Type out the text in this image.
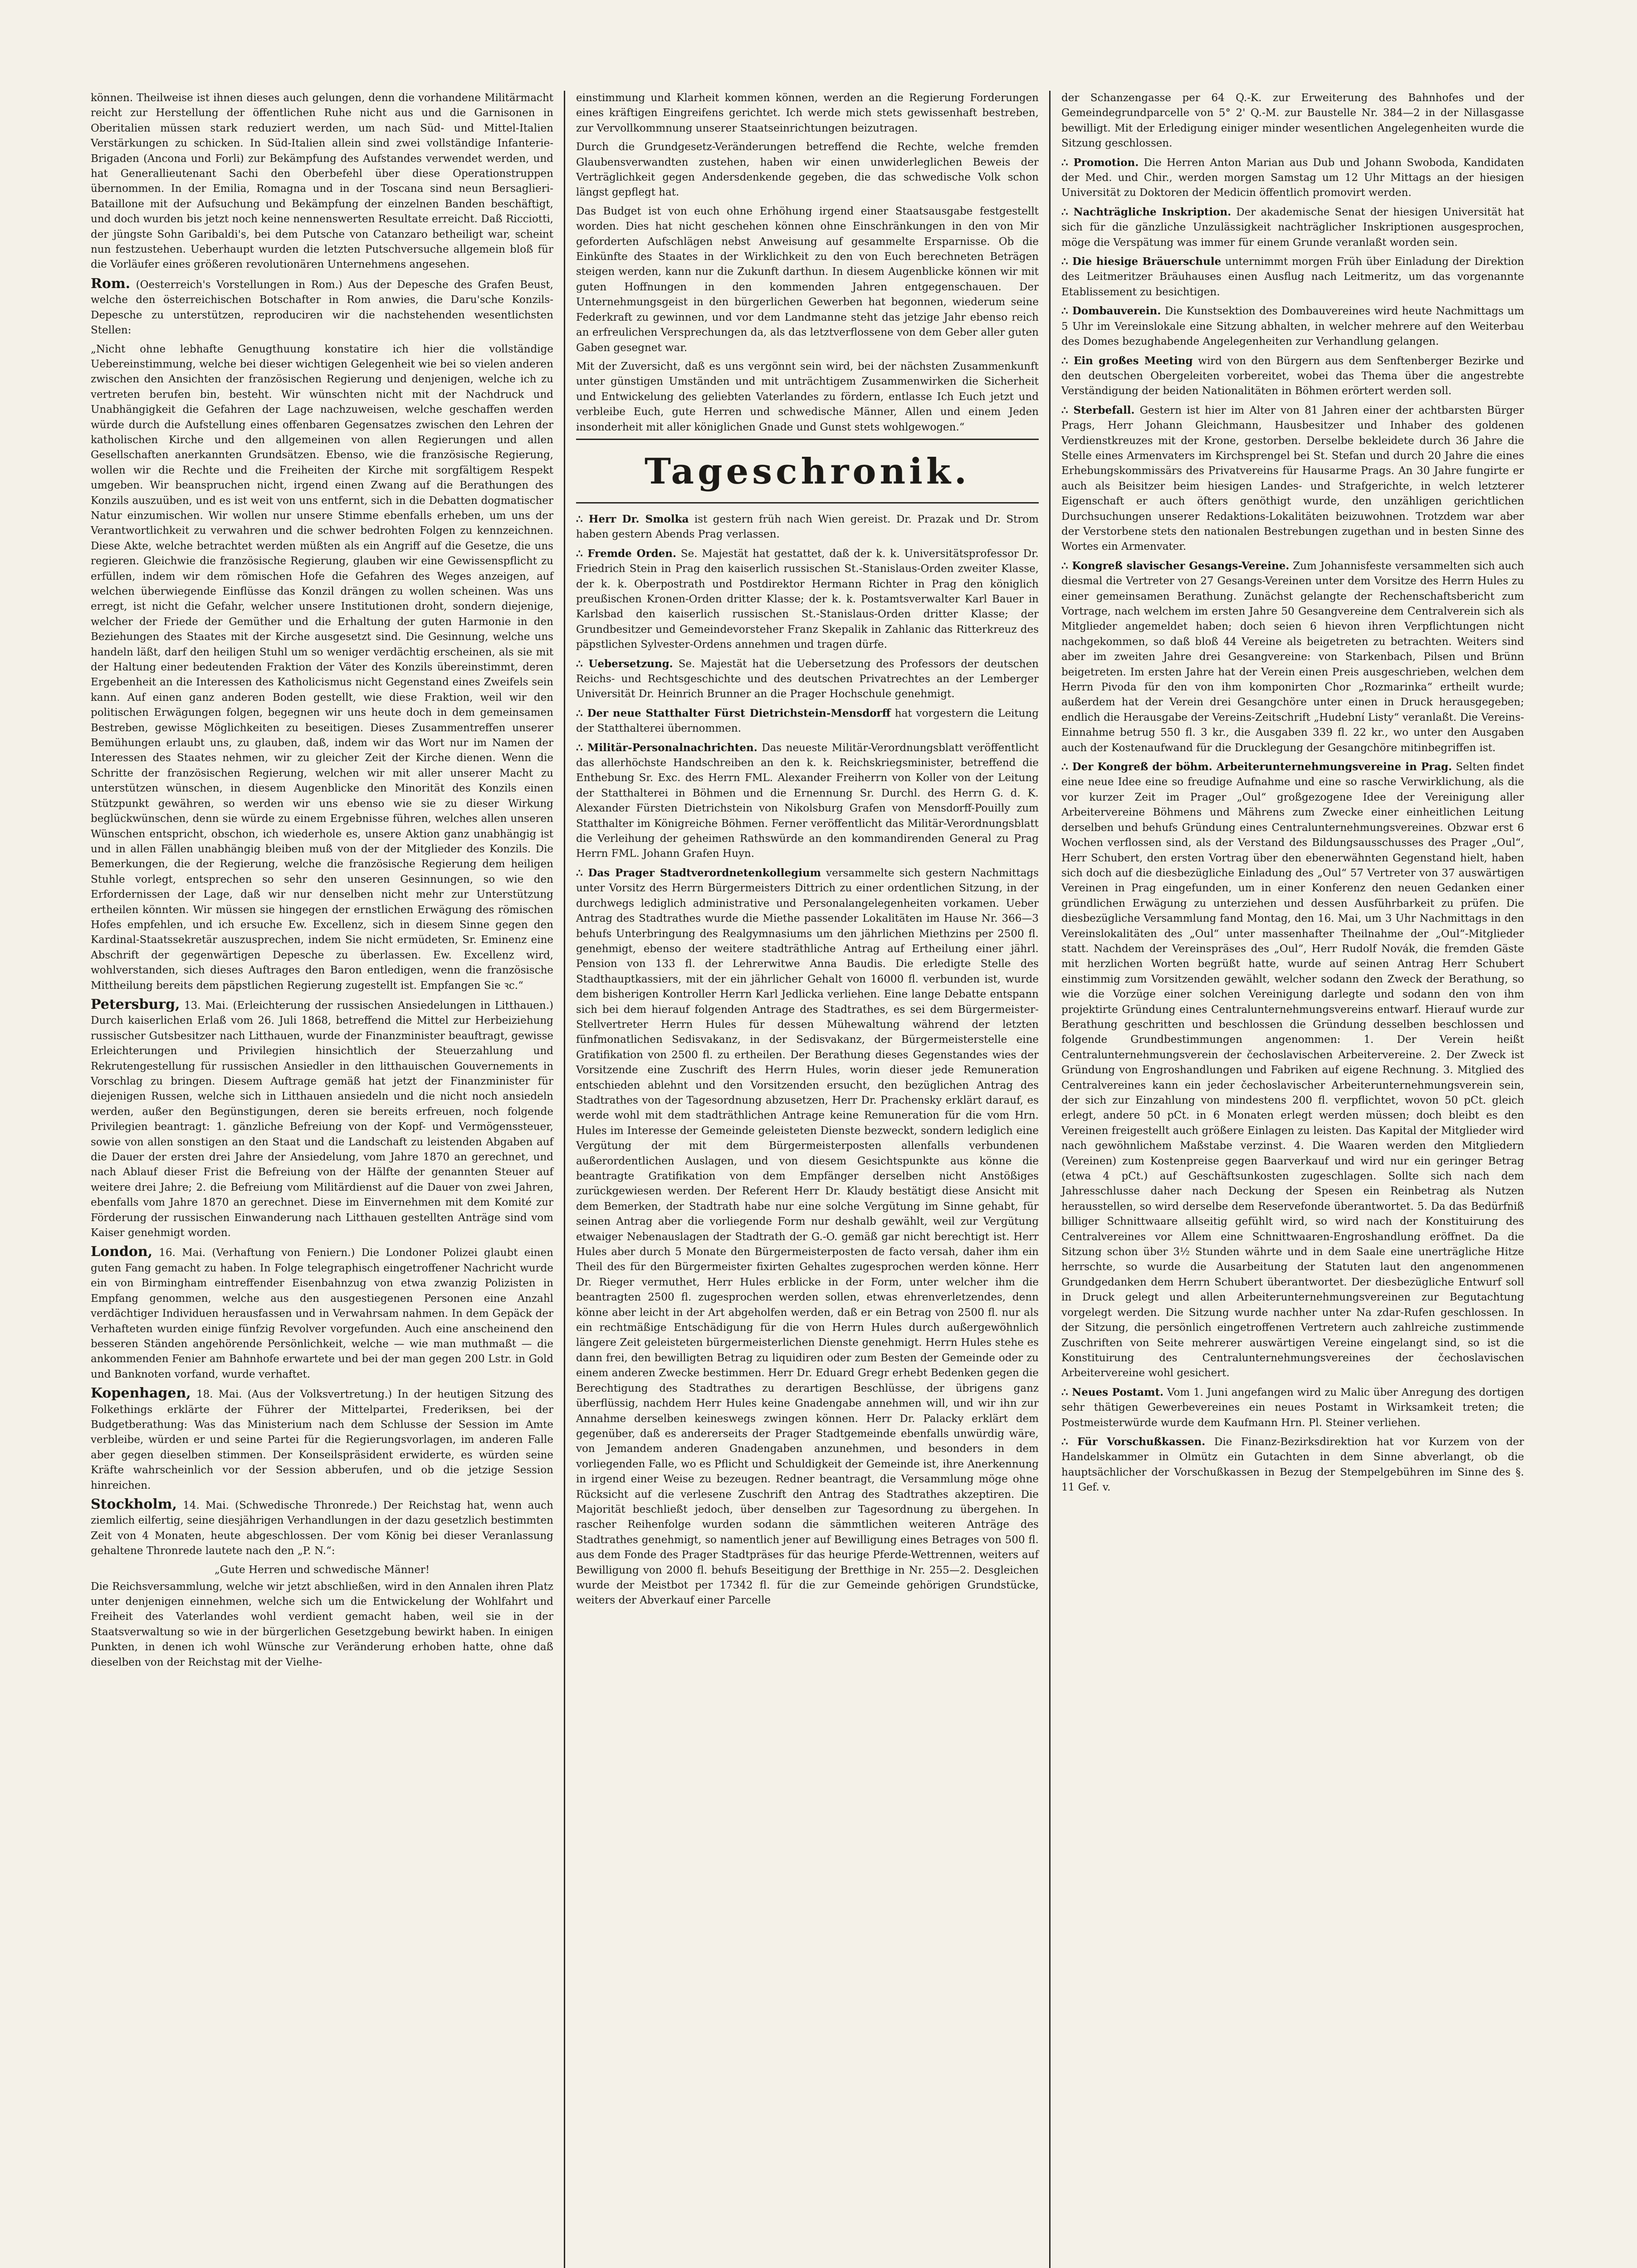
können. Theilweise ist ihnen dieses auch gelungen, denn die vorhandene Militärmacht reicht zur Herstellung der öffentlichen Ruhe nicht aus und die Garnisonen in Oberitalien müssen stark reduziert werden, um nach Süd- und Mittel-Italien Verstärkungen zu schicken. In Süd-Italien allein sind zwei vollständige Infanterie-Brigaden (Ancona und Forli) zur Bekämpfung des Aufstandes verwendet werden, und hat Generallieutenant Sachi den Oberbefehl über diese Operationstruppen übernommen. In der Emilia, Romagna und in der Toscana sind neun Bersaglieri-Bataillone mit der Aufsuchung und Bekämpfung der einzelnen Banden beschäftigt, und doch wurden bis jetzt noch keine nennenswerten Resultate erreicht. Daß Ricciotti, der jüngste Sohn Garibaldi's, bei dem Putsche von Catanzaro betheiligt war, scheint nun festzustehen. Ueberhaupt wurden die letzten Putschversuche allgemein bloß für die Vorläufer eines größeren revolutionären Unternehmens angesehen.

Rom. (Oesterreich's Vorstellungen in Rom.) Aus der Depesche des Grafen Beust, welche den österreichischen Botschafter in Rom anwies, die Daru'sche Konzils-Depesche zu unterstützen, reproduciren wir die nachstehenden wesentlichsten Stellen:

„Nicht ohne lebhafte Genugthuung konstatire ich hier die vollständige Uebereinstimmung, welche bei dieser wichtigen Gelegenheit wie bei so vielen anderen zwischen den Ansichten der französischen Regierung und denjenigen, welche ich zu vertreten berufen bin, besteht. Wir wünschten nicht mit der Nachdruck und Unabhängigkeit die Gefahren der Lage nachzuweisen, welche geschaffen werden würde durch die Aufstellung eines offenbaren Gegensatzes zwischen den Lehren der katholischen Kirche und den allgemeinen von allen Regierungen und allen Gesellschaften anerkannten Grundsätzen. Ebenso, wie die französische Regierung, wollen wir die Rechte und die Freiheiten der Kirche mit sorgfältigem Respekt umgeben. Wir beanspruchen nicht, irgend einen Zwang auf die Berathungen des Konzils auszuüben, und es ist weit von uns entfernt, sich in die Debatten dogmatischer Natur einzumischen. Wir wollen nur unsere Stimme ebenfalls erheben, um uns der Verantwortlichkeit zu verwahren und die schwer bedrohten Folgen zu kennzeichnen. Diese Akte, welche betrachtet werden müßten als ein Angriff auf die Gesetze, die uns regieren. Gleichwie die französische Regierung, glauben wir eine Gewissenspflicht zu erfüllen, indem wir dem römischen Hofe die Gefahren des Weges anzeigen, auf welchen überwiegende Einflüsse das Konzil drängen zu wollen scheinen. Was uns erregt, ist nicht die Gefahr, welcher unsere Institutionen droht, sondern diejenige, welcher der Friede der Gemüther und die Erhaltung der guten Harmonie in den Beziehungen des Staates mit der Kirche ausgesetzt sind. Die Gesinnung, welche uns handeln läßt, darf den heiligen Stuhl um so weniger verdächtig erscheinen, als sie mit der Haltung einer bedeutenden Fraktion der Väter des Konzils übereinstimmt, deren Ergebenheit an die Interessen des Katholicismus nicht Gegenstand eines Zweifels sein kann. Auf einen ganz anderen Boden gestellt, wie diese Fraktion, weil wir den politischen Erwägungen folgen, begegnen wir uns heute doch in dem gemeinsamen Bestreben, gewisse Möglichkeiten zu beseitigen. Dieses Zusammentreffen unserer Bemühungen erlaubt uns, zu glauben, daß, indem wir das Wort nur im Namen der Interessen des Staates nehmen, wir zu gleicher Zeit der Kirche dienen. Wenn die Schritte der französischen Regierung, welchen wir mit aller unserer Macht zu unterstützen wünschen, in diesem Augenblicke den Minorität des Konzils einen Stützpunkt gewähren, so werden wir uns ebenso wie sie zu dieser Wirkung beglückwünschen, denn sie würde zu einem Ergebnisse führen, welches allen unseren Wünschen entspricht, obschon, ich wiederhole es, unsere Aktion ganz unabhängig ist und in allen Fällen unabhängig bleiben muß von der der Mitglieder des Konzils. Die Bemerkungen, die der Regierung, welche die französische Regierung dem heiligen Stuhle vorlegt, entsprechen so sehr den unseren Gesinnungen, so wie den Erfordernissen der Lage, daß wir nur denselben nicht mehr zur Unterstützung ertheilen könnten. Wir müssen sie hingegen der ernstlichen Erwägung des römischen Hofes empfehlen, und ich ersuche Ew. Excellenz, sich in diesem Sinne gegen den Kardinal-Staatssekretär auszusprechen, indem Sie nicht ermüdeten, Sr. Eminenz eine Abschrift der gegenwärtigen Depesche zu überlassen. Ew. Excellenz wird, wohlverstanden, sich dieses Auftrages den Baron entledigen, wenn die französische Mittheilung bereits dem päpstlichen Regierung zugestellt ist. Empfangen Sie ꝛc.“

Petersburg, 13. Mai. (Erleichterung der russischen Ansiedelungen in Litthauen.) Durch kaiserlichen Erlaß vom 26. Juli 1868, betreffend die Mittel zur Herbeiziehung russischer Gutsbesitzer nach Litthauen, wurde der Finanzminister beauftragt, gewisse Erleichterungen und Privilegien hinsichtlich der Steuerzahlung und Rekrutengestellung für russischen Ansiedler in den litthauischen Gouvernements in Vorschlag zu bringen. Diesem Auftrage gemäß hat jetzt der Finanzminister für diejenigen Russen, welche sich in Litthauen ansiedeln und die nicht noch ansiedeln werden, außer den Begünstigungen, deren sie bereits erfreuen, noch folgende Privilegien beantragt: 1. gänzliche Befreiung von der Kopf- und Vermögenssteuer, sowie von allen sonstigen an den Staat und die Landschaft zu leistenden Abgaben auf die Dauer der ersten drei Jahre der Ansiedelung, vom Jahre 1870 an gerechnet, und nach Ablauf dieser Frist die Befreiung von der Hälfte der genannten Steuer auf weitere drei Jahre; 2. die Befreiung vom Militärdienst auf die Dauer von zwei Jahren, ebenfalls vom Jahre 1870 an gerechnet. Diese im Einvernehmen mit dem Komité zur Förderung der russischen Einwanderung nach Litthauen gestellten Anträge sind vom Kaiser genehmigt worden.

London, 16. Mai. (Verhaftung von Feniern.) Die Londoner Polizei glaubt einen guten Fang gemacht zu haben. In Folge telegraphisch eingetroffener Nachricht wurde ein von Birmingham eintreffender Eisenbahnzug von etwa zwanzig Polizisten in Empfang genommen, welche aus den ausgestiegenen Personen eine Anzahl verdächtiger Individuen herausfassen und in Verwahrsam nahmen. In dem Gepäck der Verhafteten wurden einige fünfzig Revolver vorgefunden. Auch eine anscheinend den besseren Ständen angehörende Persönlichkeit, welche — wie man muthmaßt — die ankommenden Fenier am Bahnhofe erwartete und bei der man gegen 200 Lstr. in Gold und Banknoten vorfand, wurde verhaftet.

Kopenhagen, 18. Mai. (Aus der Volksvertretung.) In der heutigen Sitzung des Folkethings erklärte der Führer der Mittelpartei, Frederiksen, bei der Budgetberathung: Was das Ministerium nach dem Schlusse der Session im Amte verbleibe, würden er und seine Partei für die Regierungsvorlagen, im anderen Falle aber gegen dieselben stimmen. Der Konseilspräsident erwiderte, es würden seine Kräfte wahrscheinlich vor der Session abberufen, und ob die jetzige Session hinreichen.

Stockholm, 14. Mai. (Schwedische Thronrede.) Der Reichstag hat, wenn auch ziemlich eilfertig, seine diesjährigen Verhandlungen in der dazu gesetzlich bestimmten Zeit von 4 Monaten, heute abgeschlossen. Der vom König bei dieser Veranlassung gehaltene Thronrede lautete nach den „P. N.“:

„Gute Herren und schwedische Männer!

Die Reichsversammlung, welche wir jetzt abschließen, wird in den Annalen ihren Platz unter denjenigen einnehmen, welche sich um die Entwickelung der Wohlfahrt und Freiheit des Vaterlandes wohl verdient gemacht haben, weil sie in der Staatsverwaltung so wie in der bürgerlichen Gesetzgebung bewirkt haben. In einigen Punkten, in denen ich wohl Wünsche zur Veränderung erhoben hatte, ohne daß dieselben von der Reichstag mit der Vielhe-

einstimmung und Klarheit kommen können, werden an die Regierung Forderungen eines kräftigen Eingreifens gerichtet. Ich werde mich stets gewissenhaft bestreben, zur Vervollkommnung unserer Staatseinrichtungen beizutragen.

Durch die Grundgesetz-Veränderungen betreffend die Rechte, welche fremden Glaubensverwandten zustehen, haben wir einen unwiderleglichen Beweis der Verträglichkeit gegen Andersdenkende gegeben, die das schwedische Volk schon längst gepflegt hat.

Das Budget ist von euch ohne Erhöhung irgend einer Staatsausgabe festgestellt worden. Dies hat nicht geschehen können ohne Einschränkungen in den von Mir geforderten Aufschlägen nebst Anweisung auf gesammelte Ersparnisse. Ob die Einkünfte des Staates in der Wirklichkeit zu den von Euch berechneten Beträgen steigen werden, kann nur die Zukunft darthun. In diesem Augenblicke können wir mit guten Hoffnungen in den kommenden Jahren entgegenschauen. Der Unternehmungsgeist in den bürgerlichen Gewerben hat begonnen, wiederum seine Federkraft zu gewinnen, und vor dem Landmanne steht das jetzige Jahr ebenso reich an erfreulichen Versprechungen da, als das letztverflossene von dem Geber aller guten Gaben gesegnet war.

Mit der Zuversicht, daß es uns vergönnt sein wird, bei der nächsten Zusammenkunft unter günstigen Umständen und mit unträchtigem Zusammenwirken die Sicherheit und Entwickelung des geliebten Vaterlandes zu fördern, entlasse Ich Euch jetzt und verbleibe Euch, gute Herren und schwedische Männer, Allen und einem Jeden insonderheit mit aller königlichen Gnade und Gunst stets wohlgewogen.“

Tageschronik.

∴ Herr Dr. Smolka ist gestern früh nach Wien gereist. Dr. Prazak und Dr. Strom haben gestern Abends Prag verlassen.

∴ Fremde Orden. Se. Majestät hat gestattet, daß der k. k. Universitätsprofessor Dr. Friedrich Stein in Prag den kaiserlich russischen St.-Stanislaus-Orden zweiter Klasse, der k. k. Oberpostrath und Postdirektor Hermann Richter in Prag den königlich preußischen Kronen-Orden dritter Klasse; der k. k. Postamtsverwalter Karl Bauer in Karlsbad den kaiserlich russischen St.-Stanislaus-Orden dritter Klasse; der Grundbesitzer und Gemeindevorsteher Franz Skepalik in Zahlanic das Ritterkreuz des päpstlichen Sylvester-Ordens annehmen und tragen dürfe.

∴ Uebersetzung. Se. Majestät hat die Uebersetzung des Professors der deutschen Reichs- und Rechtsgeschichte und des deutschen Privatrechtes an der Lemberger Universität Dr. Heinrich Brunner an die Prager Hochschule genehmigt.

∴ Der neue Statthalter Fürst Dietrichstein-Mensdorff hat vorgestern die Leitung der Statthalterei übernommen.

∴ Militär-Personalnachrichten. Das neueste Militär-Verordnungsblatt veröffentlicht das allerhöchste Handschreiben an den k. k. Reichskriegsminister, betreffend die Enthebung Sr. Exc. des Herrn FML. Alexander Freiherrn von Koller von der Leitung der Statthalterei in Böhmen und die Ernennung Sr. Durchl. des Herrn G. d. K. Alexander Fürsten Dietrichstein von Nikolsburg Grafen von Mensdorff-Pouilly zum Statthalter im Königreiche Böhmen. Ferner veröffentlicht das Militär-Verordnungsblatt die Verleihung der geheimen Rathswürde an den kommandirenden General zu Prag Herrn FML. Johann Grafen Huyn.

∴ Das Prager Stadtverordnetenkollegium versammelte sich gestern Nachmittags unter Vorsitz des Herrn Bürgermeisters Dittrich zu einer ordentlichen Sitzung, in der durchwegs lediglich administrative und Personalangelegenheiten vorkamen. Ueber Antrag des Stadtrathes wurde die Miethe passender Lokalitäten im Hause Nr. 366—3 behufs Unterbringung des Realgymnasiums um den jährlichen Miethzins per 2500 fl. genehmigt, ebenso der weitere stadträthliche Antrag auf Ertheilung einer jährl. Pension von 133 fl. der Lehrerwitwe Anna Baudis. Die erledigte Stelle des Stadthauptkassiers, mit der ein jährlicher Gehalt von 16000 fl. verbunden ist, wurde dem bisherigen Kontroller Herrn Karl Jedlicka verliehen. Eine lange Debatte entspann sich bei dem hierauf folgenden Antrage des Stadtrathes, es sei dem Bürgermeister-Stellvertreter Herrn Hules für dessen Mühewaltung während der letzten fünfmonatlichen Sedisvakanz, in der Sedisvakanz, der Bürgermeisterstelle eine Gratifikation von 2500 fl. zu ertheilen. Der Berathung dieses Gegenstandes wies der Vorsitzende eine Zuschrift des Herrn Hules, worin dieser jede Remuneration entschieden ablehnt und den Vorsitzenden ersucht, den bezüglichen Antrag des Stadtrathes von der Tagesordnung abzusetzen, Herr Dr. Prachensky erklärt darauf, es werde wohl mit dem stadträthlichen Antrage keine Remuneration für die vom Hrn. Hules im Interesse der Gemeinde geleisteten Dienste bezweckt, sondern lediglich eine Vergütung der mit dem Bürgermeisterposten allenfalls verbundenen außerordentlichen Auslagen, und von diesem Gesichtspunkte aus könne die beantragte Gratifikation von dem Empfänger derselben nicht Anstößiges zurückgewiesen werden. Der Referent Herr Dr. Klaudy bestätigt diese Ansicht mit dem Bemerken, der Stadtrath habe nur eine solche Vergütung im Sinne gehabt, für seinen Antrag aber die vorliegende Form nur deshalb gewählt, weil zur Vergütung etwaiger Nebenauslagen der Stadtrath der G.-O. gemäß gar nicht berechtigt ist. Herr Hules aber durch 5 Monate den Bürgermeisterposten de facto versah, daher ihm ein Theil des für den Bürgermeister fixirten Gehaltes zugesprochen werden könne. Herr Dr. Rieger vermuthet, Herr Hules erblicke in der Form, unter welcher ihm die beantragten 2500 fl. zugesprochen werden sollen, etwas ehrenverletzendes, denn könne aber leicht in der Art abgeholfen werden, daß er ein Betrag von 2500 fl. nur als ein rechtmäßige Entschädigung für die von Herrn Hules durch außergewöhnlich längere Zeit geleisteten bürgermeisterlichen Dienste genehmigt. Herrn Hules stehe es dann frei, den bewilligten Betrag zu liquidiren oder zum Besten der Gemeinde oder zu einem anderen Zwecke bestimmen. Herr Dr. Eduard Gregr erhebt Bedenken gegen die Berechtigung des Stadtrathes zu derartigen Beschlüsse, der übrigens ganz überflüssig, nachdem Herr Hules keine Gnadengabe annehmen will, und wir ihn zur Annahme derselben keineswegs zwingen können. Herr Dr. Palacky erklärt dem gegenüber, daß es andererseits der Prager Stadtgemeinde ebenfalls unwürdig wäre, von Jemandem anderen Gnadengaben anzunehmen, und besonders in dem vorliegenden Falle, wo es Pflicht und Schuldigkeit der Gemeinde ist, ihre Anerkennung in irgend einer Weise zu bezeugen. Redner beantragt, die Versammlung möge ohne Rücksicht auf die verlesene Zuschrift den Antrag des Stadtrathes akzeptiren. Die Majorität beschließt jedoch, über denselben zur Tagesordnung zu übergehen. In rascher Reihenfolge wurden sodann die sämmtlichen weiteren Anträge des Stadtrathes genehmigt, so namentlich jener auf Bewilligung eines Betrages von 500 fl. aus dem Fonde des Prager Stadtpräses für das heurige Pferde-Wettrennen, weiters auf Bewilligung von 2000 fl. behufs Beseitigung der Bretthige in Nr. 255—2. Desgleichen wurde der Meistbot per 17342 fl. für die zur Gemeinde gehörigen Grundstücke, weiters der Abverkauf einer Parcelle

der Schanzengasse per 64 Q.-K. zur Erweiterung des Bahnhofes und der Gemeindegrundparcelle von 5° 2' Q.-M. zur Baustelle Nr. 384—2 in der Nillasgasse bewilligt. Mit der Erledigung einiger minder wesentlichen Angelegenheiten wurde die Sitzung geschlossen.

∴ Promotion. Die Herren Anton Marian aus Dub und Johann Swoboda, Kandidaten der Med. und Chir., werden morgen Samstag um 12 Uhr Mittags an der hiesigen Universität zu Doktoren der Medicin öffentlich promovirt werden.

∴ Nachträgliche Inskription. Der akademische Senat der hiesigen Universität hat sich für die gänzliche Unzulässigkeit nachträglicher Inskriptionen ausgesprochen, möge die Verspätung was immer für einem Grunde veranlaßt worden sein.

∴ Die hiesige Bräuerschule unternimmt morgen Früh über Einladung der Direktion des Leitmeritzer Bräuhauses einen Ausflug nach Leitmeritz, um das vorgenannte Etablissement zu besichtigen.

∴ Dombauverein. Die Kunstsektion des Dombauvereines wird heute Nachmittags um 5 Uhr im Vereinslokale eine Sitzung abhalten, in welcher mehrere auf den Weiterbau des Domes bezughabende Angelegenheiten zur Verhandlung gelangen.

∴ Ein großes Meeting wird von den Bürgern aus dem Senftenberger Bezirke und den deutschen Obergeleiten vorbereitet, wobei das Thema über die angestrebte Verständigung der beiden Nationalitäten in Böhmen erörtert werden soll.

∴ Sterbefall. Gestern ist hier im Alter von 81 Jahren einer der achtbarsten Bürger Prags, Herr Johann Gleichmann, Hausbesitzer und Inhaber des goldenen Verdienstkreuzes mit der Krone, gestorben. Derselbe bekleidete durch 36 Jahre die Stelle eines Armenvaters im Kirchsprengel bei St. Stefan und durch 20 Jahre die eines Erhebungskommissärs des Privatvereins für Hausarme Prags. An 30 Jahre fungirte er auch als Beisitzer beim hiesigen Landes- und Strafgerichte, in welch letzterer Eigenschaft er auch öfters genöthigt wurde, den unzähligen gerichtlichen Durchsuchungen unserer Redaktions-Lokalitäten beizuwohnen. Trotzdem war aber der Verstorbene stets den nationalen Bestrebungen zugethan und in besten Sinne des Wortes ein Armenvater.

∴ Kongreß slavischer Gesangs-Vereine. Zum Johannisfeste versammelten sich auch diesmal die Vertreter von 27 Gesangs-Vereinen unter dem Vorsitze des Herrn Hules zu einer gemeinsamen Berathung. Zunächst gelangte der Rechenschaftsbericht zum Vortrage, nach welchem im ersten Jahre 50 Gesangvereine dem Centralverein sich als Mitglieder angemeldet haben; doch seien 6 hievon ihren Verpflichtungen nicht nachgekommen, so daß bloß 44 Vereine als beigetreten zu betrachten. Weiters sind aber im zweiten Jahre drei Gesangvereine: von Starkenbach, Pilsen und Brünn beigetreten. Im ersten Jahre hat der Verein einen Preis ausgeschrieben, welchen dem Herrn Pivoda für den von ihm komponirten Chor „Rozmarinka“ ertheilt wurde; außerdem hat der Verein drei Gesangchöre unter einen in Druck herausgegeben; endlich die Herausgabe der Vereins-Zeitschrift „Hudební Listy“ veranlaßt. Die Vereins-Einnahme betrug 550 fl. 3 kr., die Ausgaben 339 fl. 22 kr., wo unter den Ausgaben auch der Kostenaufwand für die Drucklegung der Gesangchöre mitinbegriffen ist.

∴ Der Kongreß der böhm. Arbeiterunternehmungsvereine in Prag. Selten findet eine neue Idee eine so freudige Aufnahme und eine so rasche Verwirklichung, als die vor kurzer Zeit im Prager „Oul“ großgezogene Idee der Vereinigung aller Arbeitervereine Böhmens und Mährens zum Zwecke einer einheitlichen Leitung derselben und behufs Gründung eines Centralunternehmungsvereines. Obzwar erst 6 Wochen verflossen sind, als der Verstand des Bildungsausschusses des Prager „Oul“, Herr Schubert, den ersten Vortrag über den ebenerwähnten Gegenstand hielt, haben sich doch auf die diesbezügliche Einladung des „Oul“ 57 Vertreter von 37 auswärtigen Vereinen in Prag eingefunden, um in einer Konferenz den neuen Gedanken einer gründlichen Erwägung zu unterziehen und dessen Ausführbarkeit zu prüfen. Die diesbezügliche Versammlung fand Montag, den 16. Mai, um 3 Uhr Nachmittags in den Vereinslokalitäten des „Oul“ unter massenhafter Theilnahme der „Oul“-Mitglieder statt. Nachdem der Vereinspräses des „Oul“, Herr Rudolf Novák, die fremden Gäste mit herzlichen Worten begrüßt hatte, wurde auf seinen Antrag Herr Schubert einstimmig zum Vorsitzenden gewählt, welcher sodann den Zweck der Berathung, so wie die Vorzüge einer solchen Vereinigung darlegte und sodann den von ihm projektirte Gründung eines Centralunternehmungsvereins entwarf. Hierauf wurde zur Berathung geschritten und beschlossen die Gründung desselben beschlossen und folgende Grundbestimmungen angenommen: 1. Der Verein heißt Centralunternehmungsverein der čechoslavischen Arbeitervereine. 2. Der Zweck ist Gründung von Engroshandlungen und Fabriken auf eigene Rechnung. 3. Mitglied des Centralvereines kann ein jeder čechoslavischer Arbeiterunternehmungsverein sein, der sich zur Einzahlung von mindestens 200 fl. verpflichtet, wovon 50 pCt. gleich erlegt, andere 50 pCt. in 6 Monaten erlegt werden müssen; doch bleibt es den Vereinen freigestellt auch größere Einlagen zu leisten. Das Kapital der Mitglieder wird nach gewöhnlichem Maßstabe verzinst. 4. Die Waaren werden den Mitgliedern (Vereinen) zum Kostenpreise gegen Baarverkauf und wird nur ein geringer Betrag (etwa 4 pCt.) auf Geschäftsunkosten zugeschlagen. Sollte sich nach dem Jahresschlusse daher nach Deckung der Spesen ein Reinbetrag als Nutzen herausstellen, so wird derselbe dem Reservefonde überantwortet. 5. Da das Bedürfniß billiger Schnittwaare allseitig gefühlt wird, so wird nach der Konstituirung des Centralvereines vor Allem eine Schnittwaaren-Engroshandlung eröffnet. Da die Sitzung schon über 3½ Stunden währte und in dem Saale eine unerträgliche Hitze herrschte, so wurde die Ausarbeitung der Statuten laut den angenommenen Grundgedanken dem Herrn Schubert überantwortet. Der diesbezügliche Entwurf soll in Druck gelegt und allen Arbeiterunternehmungsvereinen zur Begutachtung vorgelegt werden. Die Sitzung wurde nachher unter Na zdar-Rufen geschlossen. In der Sitzung, die persönlich eingetroffenen Vertretern auch zahlreiche zustimmende Zuschriften von Seite mehrerer auswärtigen Vereine eingelangt sind, so ist die Konstituirung des Centralunternehmungsvereines der čechoslavischen Arbeitervereine wohl gesichert.

∴ Neues Postamt. Vom 1. Juni angefangen wird zu Malic über Anregung des dortigen sehr thätigen Gewerbevereines ein neues Postamt in Wirksamkeit treten; die Postmeisterwürde wurde dem Kaufmann Hrn. Pl. Steiner verliehen.

∴ Für Vorschußkassen. Die Finanz-Bezirksdirektion hat vor Kurzem von der Handelskammer in Olmütz ein Gutachten in dem Sinne abverlangt, ob die hauptsächlicher der Vorschußkassen in Bezug der Stempelgebühren im Sinne des §. 11 Gef. v.
